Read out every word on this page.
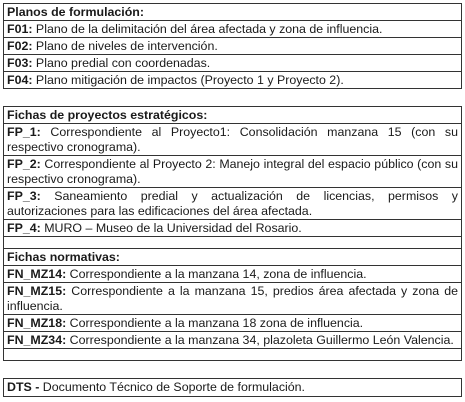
Planos de formulación:
F01: Plano de la delimitación del área afectada y zona de influencia.
F02: Plano de niveles de intervención.
F03: Plano predial con coordenadas.
F04: Plano mitigación de impactos (Proyecto 1 y Proyecto 2).
Fichas de proyectos estratégicos:
FP_1: Correspondiente al Proyecto1: Consolidación manzana 15 (con su respectivo cronograma).
FP_2: Correspondiente al Proyecto 2: Manejo integral del espacio público (con su respectivo cronograma).
FP_3: Saneamiento predial y actualización de licencias, permisos y autorizaciones para las edificaciones del área afectada.
FP_4: MURO – Museo de la Universidad del Rosario.

Fichas normativas:
FN_MZ14: Correspondiente a la manzana 14, zona de influencia.
FN_MZ15: Correspondiente a la manzana 15, predios área afectada y zona de influencia.
FN_MZ18: Correspondiente a la manzana 18 zona de influencia.
FN_MZ34: Correspondiente a la manzana 34, plazoleta Guillermo León Valencia.

DTS - Documento Técnico de Soporte de formulación.
